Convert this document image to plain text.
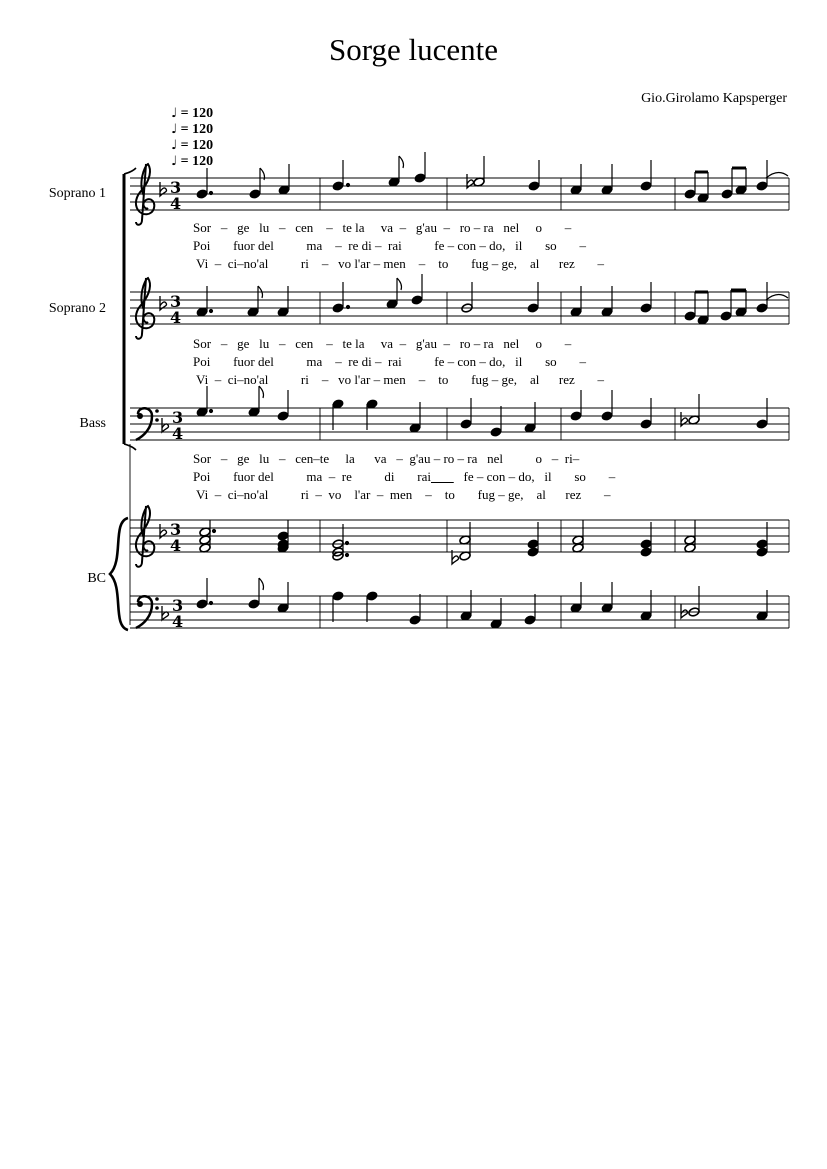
Sorge lucente
Gio.Girolamo Kapsperger
♩ = 120
♩ = 120
♩ = 120
♩ = 120
Soprano 1
Soprano 2
Bass
BC
3
4
3
4
3
4
3
4
3
4
Sor – ge lu – cen – te la va – g'au – ro – ra nel o –
Poi fuor del	ma – re di – rai	fe – con – do, il so –
Vi – ci–no'al	ri – vo l'ar – men – to fug – ge, al rez –
Sor – ge lu – cen – te la va – g'au – ro – ra nel o –
Poi fuor del	ma – re di – rai	fe – con – do, il so –
Vi – ci–no'al	ri – vo l'ar – men – to fug – ge, al rez –
Sor – ge lu – cen–te la va – g'au – ro – ra nel	o – ri–
Poi fuor del	ma – re	di rai	fe – con – do, il so –
Vi – ci–no'al	ri – vo l'ar – men – to fug – ge, al rez –
